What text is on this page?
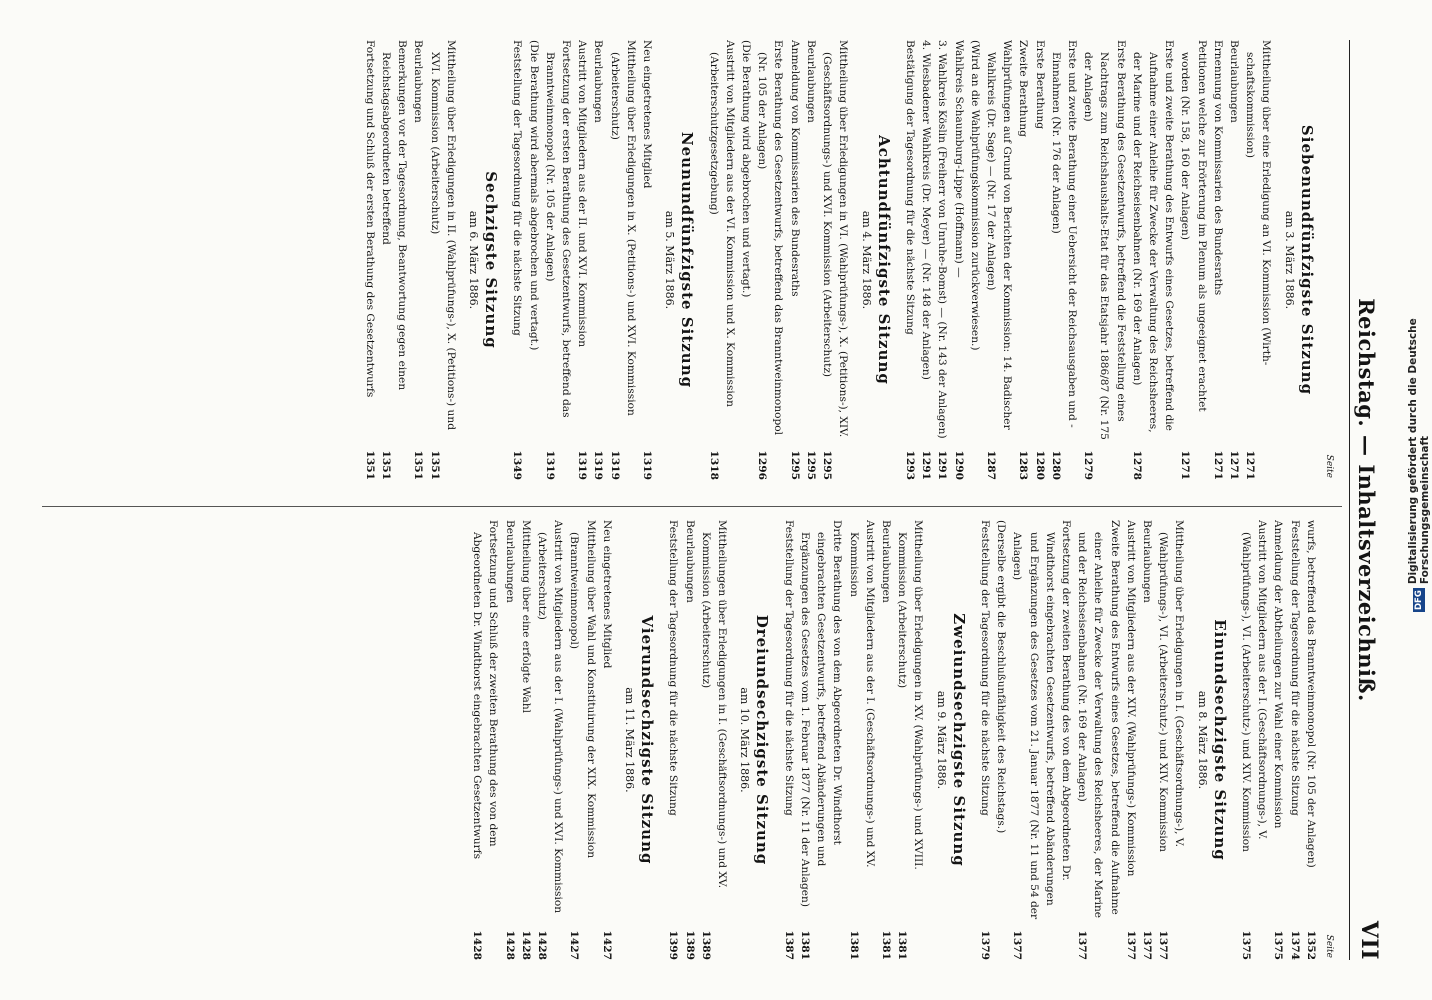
Reichstag. — Inhaltsverzeichniß.
VII
Seite
Siebenundfünfzigste Sitzung
am 3. März 1886.
Mittheilung über eine Erledigung an VI. Kommission (Wirthschaftskommission)
1271
Beurlaubungen
1271
Ernennung von Kommissarien des Bundesraths
1271
Petitionen welche zur Erörterung im Plenum als ungeeignet erachtet worden (Nr. 158, 160 der Anlagen)
1271
Erste und zweite Berathung des Entwurfs eines Gesetzes, betreffend die Aufnahme einer Anleihe für Zwecke der Verwaltung des Reichsheeres, der Marine und der Reichseisenbahnen (Nr. 169 der Anlagen)
1278
Erste Berathung des Gesetzentwurfs, betreffend die Feststellung eines Nachtrags zum Reichshaushalts-Etat für das Etatsjahr 1886/87 (Nr. 175 der Anlagen)
1279
Erste und zweite Berathung einer Uebersicht der Reichsausgaben und -Einnahmen (Nr. 176 der Anlagen)
1280
Erste Berathung
1280
Zweite Berathung
1283
Wahlprüfungen auf Grund von Berichten der Kommission: 14. Badischer Wahlkreis (Dr. Sage) — (Nr. 17 der Anlagen)
1287
(Wird an die Wahlprüfungskommission zurückverwiesen.)
Wahlkreis Schaumburg-Lippe (Hoffmann) —
1290
3. Wahlkreis Köslin (Freiherr von Unruhe-Bomst) — (Nr. 143 der Anlagen)
1291
4. Wiesbadener Wahlkreis (Dr. Meyer) — (Nr. 148 der Anlagen)
1291
Bestätigung der Tagesordnung für die nächste Sitzung
1293
Achtundfünfzigste Sitzung
am 4. März 1886.
Mittheilung über Erledigungen in VI. (Wahlprüfungs-), X. (Petitions-), XIV. (Geschäftsordnungs-) und XVI. Kommission (Arbeiterschutz)
1295
Beurlaubungen
1295
Anmeldung von Kommissarien des Bundesraths
1295
Erste Berathung des Gesetzentwurfs, betreffend das Branntweinmonopol (Nr. 105 der Anlagen)
1296
(Die Berathung wird abgebrochen und vertagt.)
Austritt von Mitgliedern aus der VI. Kommission und X. Kommission (Arbeiterschutzgesetzgebung)
1318
Neunundfünfzigste Sitzung
am 5. März 1886.
Neu eingetretenes Mitglied
1319
Mittheilung über Erledigungen in X. (Petitions-) und XVI. Kommission (Arbeiterschutz)
1319
Beurlaubungen
1319
Austritt von Mitgliedern aus der II. und XVI. Kommission
1319
Fortsetzung der ersten Berathung des Gesetzentwurfs, betreffend das Branntweinmonopol (Nr. 105 der Anlagen)
1319
(Die Berathung wird abermals abgebrochen und vertagt.)
Feststellung der Tagesordnung für die nächste Sitzung
1349
Sechzigste Sitzung
am 6. März 1886.
Mittheilung über Erledigungen in II. (Wahlprüfungs-), X. (Petitions-) und XVI. Kommission (Arbeiterschutz)
1351
Beurlaubungen
1351
Bemerkungen vor der Tagesordnung, Beantwortung gegen einen Reichstagsabgeordneten betreffend
1351
Fortsetzung und Schluß der ersten Berathung des Gesetzentwurfs
1351
Seite
wurfs, betreffend das Branntweinmonopol (Nr. 105 der Anlagen)
1352
Feststellung der Tagesordnung für die nächste Sitzung
1374
Anmeldung der Abtheilungen zur Wahl einer Kommission
1375
Austritt von Mitgliedern aus der I. (Geschäftsordnungs-), V. (Wahlprüfungs-), VI. (Arbeiterschutz-) und XIV. Kommission
1375
Einundsechzigste Sitzung
am 8. März 1886.
Mittheilung über Erledigungen in I. (Geschäftsordnungs-), V. (Wahlprüfungs-), VI. (Arbeiterschutz-) und XIV. Kommission
1377
Beurlaubungen
1377
Austritt von Mitgliedern aus der XIV. (Wahlprüfungs-) Kommission
1377
Zweite Berathung des Entwurfs eines Gesetzes, betreffend die Aufnahme einer Anleihe für Zwecke der Verwaltung des Reichsheeres, der Marine und der Reichseisenbahnen (Nr. 169 der Anlagen)
1377
Fortsetzung der zweiten Berathung des von dem Abgeordneten Dr. Windthorst eingebrachten Gesetzentwurfs, betreffend Abänderungen und Ergänzungen des Gesetzes vom 21. Januar 1877 (Nr. 11 und 54 der Anlagen)
1377
(Derselbe ergibt die Beschlußunfähigkeit des Reichstags.)
Feststellung der Tagesordnung für die nächste Sitzung
1379
Zweiundsechzigste Sitzung
am 9. März 1886.
Mittheilung über Erledigungen in XV. (Wahlprüfungs-) und XVIII. Kommission (Arbeiterschutz)
1381
Beurlaubungen
1381
Austritt von Mitgliedern aus der I. (Geschäftsordnungs-) und XV. Kommission
1381
Dritte Berathung des von dem Abgeordneten Dr. Windthorst eingebrachten Gesetzentwurfs, betreffend Abänderungen und Ergänzungen des Gesetzes vom 1. Februar 1877 (Nr. 11 der Anlagen)
1381
Feststellung der Tagesordnung für die nächste Sitzung
1387
Dreiundsechzigste Sitzung
am 10. März 1886.
Mittheilungen über Erledigungen in I. (Geschäftsordnungs-) und XV. Kommission (Arbeiterschutz)
1389
Beurlaubungen
1389
Feststellung der Tagesordnung für die nächste Sitzung
1399
Vierundsechzigste Sitzung
am 11. März 1886.
Neu eingetretenes Mitglied
1427
Mittheilung über Wahl und Konstituirung der XIX. Kommission (Branntweinmonopol)
1427
Austritt von Mitgliedern aus der I. (Wahlprüfungs-) und XVI. Kommission (Arbeiterschutz)
1428
Mittheilung über eine erfolgte Wahl
1428
Beurlaubungen
1428
Fortsetzung und Schluß der zweiten Berathung des von dem Abgeordneten Dr. Windthorst eingebrachten Gesetzentwurfs
1428
DFG
Digitalisierung gefördert durch die Deutsche Forschungsgemeinschaft
